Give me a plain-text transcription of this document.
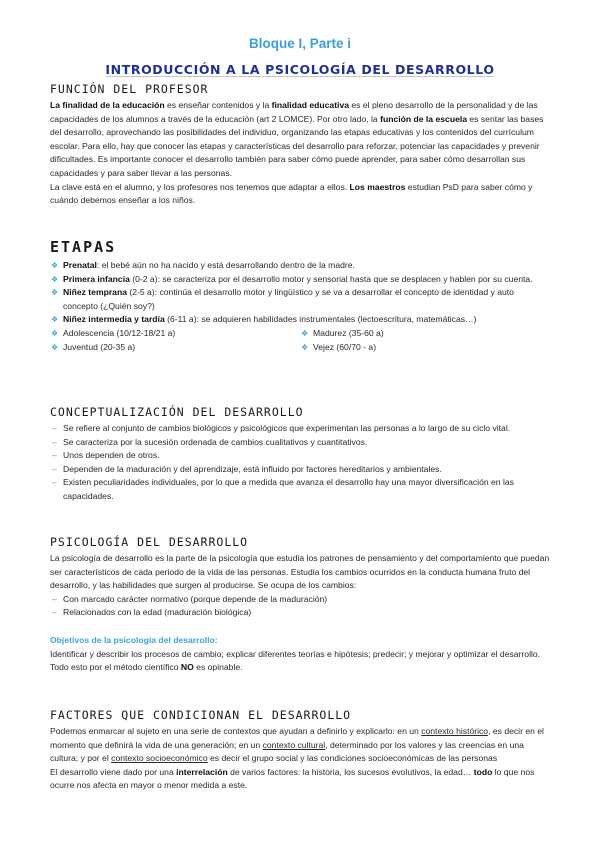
Bloque I, Parte i
INTRODUCCIÓN A LA PSICOLOGÍA DEL DESARROLLO
FUNCIÓN DEL PROFESOR

La finalidad de la educación es enseñar contenidos y la finalidad educativa es el pleno desarrollo de la personalidad y de las capacidades de los alumnos a través de la educación (art 2 LOMCE). Por otro lado, la función de la escuela es sentar las bases del desarrollo, aprovechando las posibilidades del individuo, organizando las etapas educativas y los contenidos del currículum escolar. Para ello, hay que conocer las etapas y características del desarrollo para reforzar, potenciar las capacidades y prevenir dificultades. Es importante conocer el desarrollo también para saber cómo puede aprender, para saber cómo desarrollan sus capacidades y para saber llevar a las personas.

La clave está en el alumno, y los profesores nos tenemos que adaptar a ellos. Los maestros estudian PsD para saber cómo y cuándo debemos enseñar a los niños.

ETAPAS
❖ Prenatal: el bebé aún no ha nacido y está desarrollando dentro de la madre.
❖ Primera infancia (0-2 a): se caracteriza por el desarrollo motor y sensorial hasta que se desplacen y hablen por su cuenta.
❖ Niñez temprana (2-5 a): continúa el desarrollo motor y lingüístico y se va a desarrollar el concepto de identidad y auto concepto (¿Quién soy?)
❖ Niñez intermedia y tardía (6-11 a): se adquieren habilidades instrumentales (lectoescritura, matemáticas…)
❖ Adolescencia (10/12-18/21 a)
❖ Juventud (20-35 a)
❖ Madurez (35-60 a)
❖ Vejez (60/70 - a)
CONCEPTUALIZACIÓN DEL DESARROLLO
– Se refiere al conjunto de cambios biológicos y psicológicos que experimentan las personas a lo largo de su ciclo vital.
– Se caracteriza por la sucesión ordenada de cambios cualitativos y cuantitativos.
– Unos dependen de otros.
– Dependen de la maduración y del aprendizaje, está influido por factores hereditarios y ambientales.
– Existen peculiaridades individuales, por lo que a medida que avanza el desarrollo hay una mayor diversificación en las capacidades.
PSICOLOGÍA DEL DESARROLLO

La psicología de desarrollo es la parte de la psicología que estudia los patrones de pensamiento y del comportamiento que puedan ser característicos de cada periodo de la vida de las personas. Estudia los cambios ocurridos en la conducta humana fruto del desarrollo, y las habilidades que surgen al producirse. Se ocupa de los cambios:

– Con marcado carácter normativo (porque depende de la maduración)
– Relacionados con la edad (maduración biológica)
Objetivos de la psicología del desarrollo:

Identificar y describir los procesos de cambio; explicar diferentes teorías e hipótesis; predecir; y mejorar y optimizar el desarrollo. Todo esto por el método científico NO es opinable.

FACTORES QUE CONDICIONAN EL DESARROLLO

Podemos enmarcar al sujeto en una serie de contextos que ayudan a definirlo y explicarlo: en un contexto histórico, es decir en el momento que definirá la vida de una generación; en un contexto cultural, determinado por los valores y las creencias en una cultura; y por el contexto socioeconómico es decir el grupo social y las condiciones socioeconómicas de las personas

El desarrollo viene dado por una interrelación de varios factores: la historia, los sucesos evolutivos, la edad… todo lo que nos ocurre nos afecta en mayor o menor medida a este.
